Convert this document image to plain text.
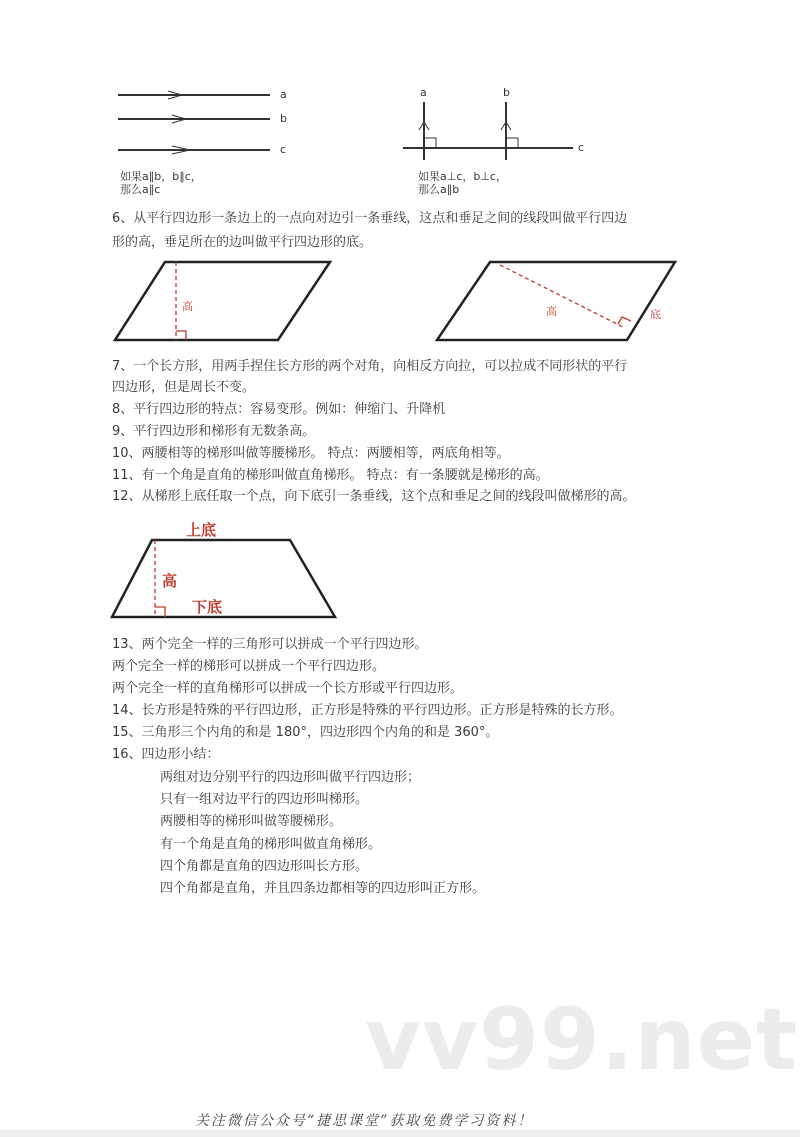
a
b
c
如果a∥b，b∥c，
那么a∥c
a	b
c
如果a⊥c，b⊥c，
那么a∥b
高	高	底
上底
高
下底
6、从平行四边形一条边上的一点向对边引一条垂线，这点和垂足之间的线段叫做平行四边
形的高，垂足所在的边叫做平行四边形的底。
7、一个长方形，用两手捏住长方形的两个对角，向相反方向拉，可以拉成不同形状的平行
四边形，但是周长不变。
8、平行四边形的特点：容易变形。例如：伸缩门、升降机
9、平行四边形和梯形有无数条高。
10、两腰相等的梯形叫做等腰梯形。 特点：两腰相等，两底角相等。
11、有一个角是直角的梯形叫做直角梯形。 特点：有一条腰就是梯形的高。
12、从梯形上底任取一个点，向下底引一条垂线，这个点和垂足之间的线段叫做梯形的高。
13、两个完全一样的三角形可以拼成一个平行四边形。
两个完全一样的梯形可以拼成一个平行四边形。
两个完全一样的直角梯形可以拼成一个长方形或平行四边形。
14、长方形是特殊的平行四边形，正方形是特殊的平行四边形。正方形是特殊的长方形。
15、三角形三个内角的和是 180°，四边形四个内角的和是 360°。
16、四边形小结：
两组对边分别平行的四边形叫做平行四边形；
只有一组对边平行的四边形叫梯形。
两腰相等的梯形叫做等腰梯形。
有一个角是直角的梯形叫做直角梯形。
四个角都是直角的四边形叫长方形。
四个角都是直角，并且四条边都相等的四边形叫正方形。
vv99.net
关注微信公众号“捷思课堂”获取免费学习资料！
